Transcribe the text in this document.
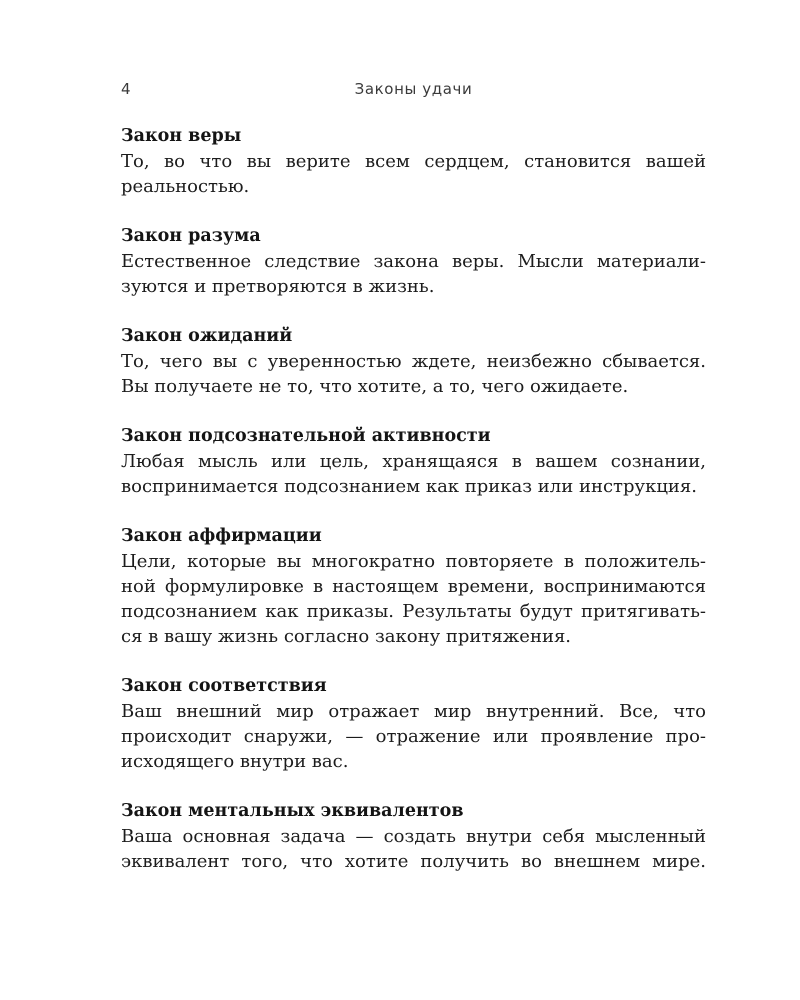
4	Законы удачи

Закон веры

То, во что вы верите всем сердцем, становится вашей
реальностью.

Закон разума

Естественное следствие закона веры. Мысли материали-
зуются и претворяются в жизнь.

Закон ожиданий

То, чего вы с уверенностью ждете, неизбежно сбывается.
Вы получаете не то, что хотите, а то, чего ожидаете.

Закон подсознательной активности

Любая мысль или цель, хранящаяся в вашем сознании,
воспринимается подсознанием как приказ или инструкция.

Закон аффирмации

Цели, которые вы многократно повторяете в положитель-
ной формулировке в настоящем времени, воспринимаются
подсознанием как приказы. Результаты будут притягивать-
ся в вашу жизнь согласно закону притяжения.

Закон соответствия

Ваш внешний мир отражает мир внутренний. Все, что
происходит снаружи, — отражение или проявление про-
исходящего внутри вас.

Закон ментальных эквивалентов

Ваша основная задача — создать внутри себя мысленный
эквивалент того, что хотите получить во внешнем мире.
